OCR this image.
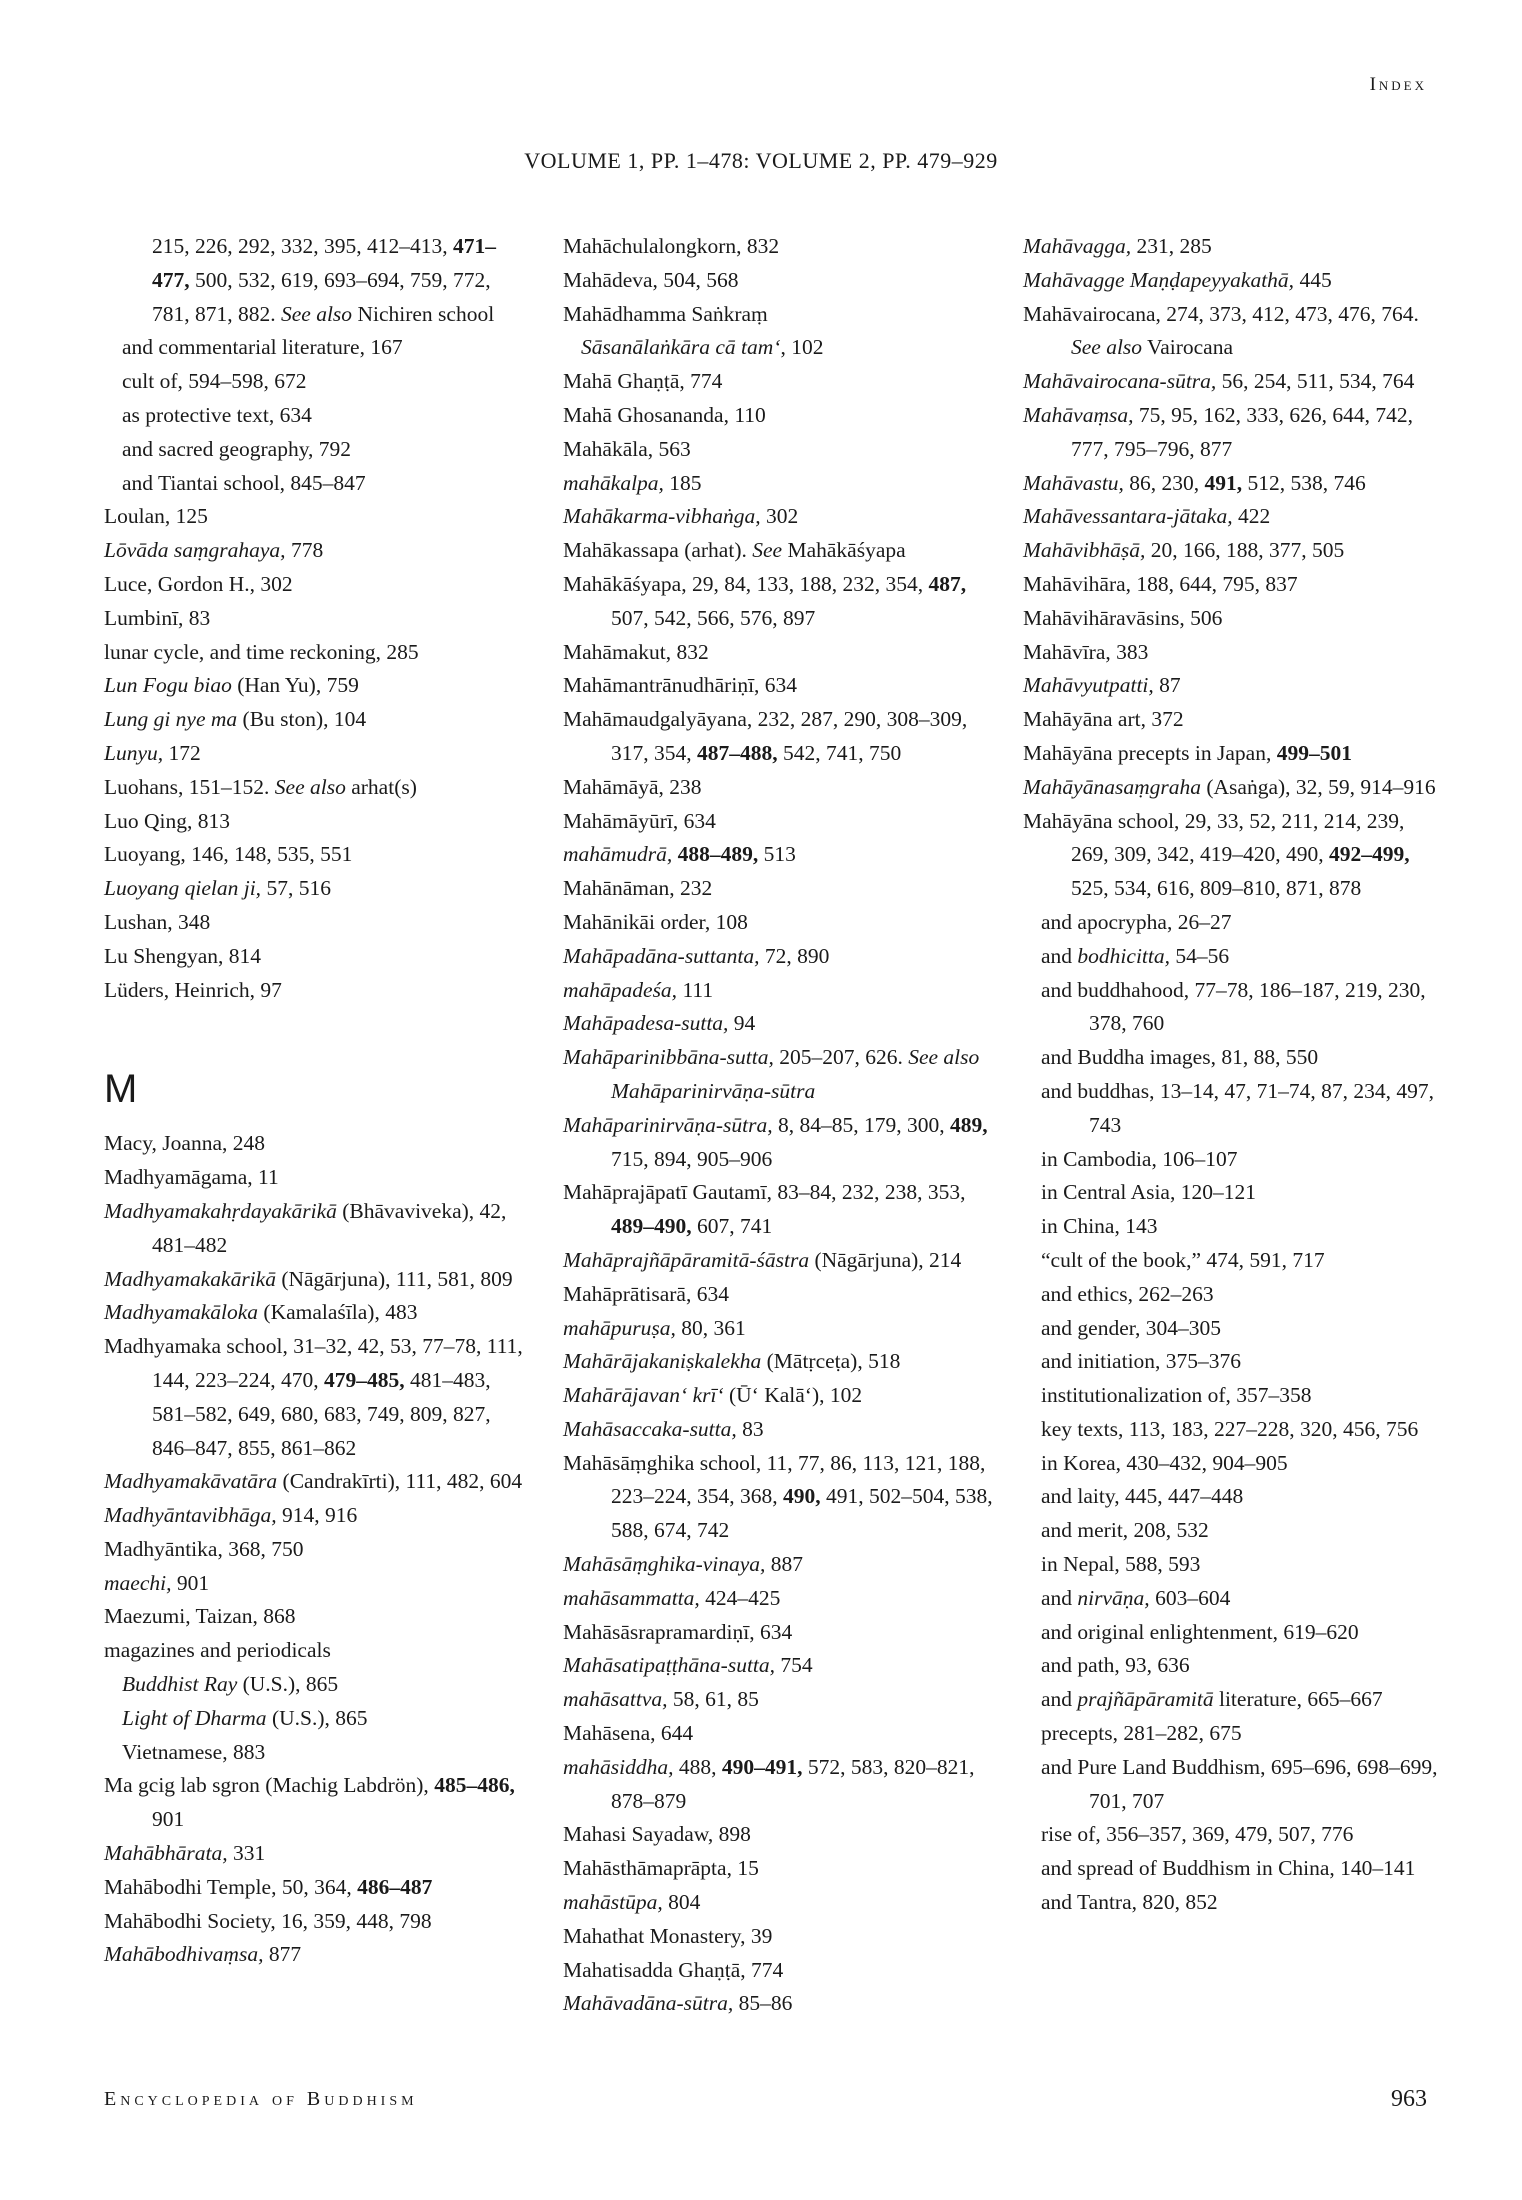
Index
VOLUME 1, PP. 1–478: VOLUME 2, PP. 479–929
215, 226, 292, 332, 395, 412–413, 471–477, 500, 532, 619, 693–694, 759, 772, 781, 871, 882. See also Nichiren school
and commentarial literature, 167
cult of, 594–598, 672
as protective text, 634
and sacred geography, 792
and Tiantai school, 845–847
Loulan, 125
Lōvāda saṃgrahaya, 778
Luce, Gordon H., 302
Lumbinī, 83
lunar cycle, and time reckoning, 285
Lun Fogu biao (Han Yu), 759
Lung gi nye ma (Bu ston), 104
Lunyu, 172
Luohans, 151–152. See also arhat(s)
Luo Qing, 813
Luoyang, 146, 148, 535, 551
Luoyang qielan ji, 57, 516
Lushan, 348
Lu Shengyan, 814
Lüders, Heinrich, 97
M
Macy, Joanna, 248
Madhyamāgama, 11
Madhyamakahṛdayakārikā (Bhāvaviveka), 42, 481–482
Madhyamakakārikā (Nāgārjuna), 111, 581, 809
Madhyamakāloka (Kamalaśīla), 483
Madhyamaka school, 31–32, 42, 53, 77–78, 111, 144, 223–224, 470, 479–485, 481–483, 581–582, 649, 680, 683, 749, 809, 827, 846–847, 855, 861–862
Madhyamakāvatāra (Candrakīrti), 111, 482, 604
Madhyāntavibhāga, 914, 916
Madhyāntika, 368, 750
maechi, 901
Maezumi, Taizan, 868
magazines and periodicals
Buddhist Ray (U.S.), 865
Light of Dharma (U.S.), 865
Vietnamese, 883
Ma gcig lab sgron (Machig Labdrön), 485–486, 901
Mahābhārata, 331
Mahābodhi Temple, 50, 364, 486–487
Mahābodhi Society, 16, 359, 448, 798
Mahābodhivaṃsa, 877
Mahāchulalongkorn, 832
Mahādeva, 504, 568
Mahādhamma Saṅkraṃ
Sāsanālaṅkāra cā tamʻ, 102
Mahā Ghaṇṭā, 774
Mahā Ghosananda, 110
Mahākāla, 563
mahākalpa, 185
Mahākarma-vibhaṅga, 302
Mahākassapa (arhat). See Mahākāśyapa
Mahākāśyapa, 29, 84, 133, 188, 232, 354, 487, 507, 542, 566, 576, 897
Mahāmakut, 832
Mahāmantrānudhāriṇī, 634
Mahāmaudgalyāyana, 232, 287, 290, 308–309, 317, 354, 487–488, 542, 741, 750
Mahāmāyā, 238
Mahāmāyūrī, 634
mahāmudrā, 488–489, 513
Mahānāman, 232
Mahānikāi order, 108
Mahāpadāna-suttanta, 72, 890
mahāpadeśa, 111
Mahāpadesa-sutta, 94
Mahāparinibbāna-sutta, 205–207, 626. See also Mahāparinirvāṇa-sūtra
Mahāparinirvāṇa-sūtra, 8, 84–85, 179, 300, 489, 715, 894, 905–906
Mahāprajāpatī Gautamī, 83–84, 232, 238, 353, 489–490, 607, 741
Mahāprajñāpāramitā-śāstra (Nāgārjuna), 214
Mahāprātisarā, 634
mahāpuruṣa, 80, 361
Mahārājakaniṣkalekha (Mātṛceṭa), 518
Mahārājavanʻ krīʻ (Ūʻ Kalāʻ), 102
Mahāsaccaka-sutta, 83
Mahāsāṃghika school, 11, 77, 86, 113, 121, 188, 223–224, 354, 368, 490, 491, 502–504, 538, 588, 674, 742
Mahāsāṃghika-vinaya, 887
mahāsammatta, 424–425
Mahāsāsrapramardiṇī, 634
Mahāsatipaṭṭhāna-sutta, 754
mahāsattva, 58, 61, 85
Mahāsena, 644
mahāsiddha, 488, 490–491, 572, 583, 820–821, 878–879
Mahasi Sayadaw, 898
Mahāsthāmaprāpta, 15
mahāstūpa, 804
Mahathat Monastery, 39
Mahatisadda Ghaṇṭā, 774
Mahāvadāna-sūtra, 85–86
Mahāvagga, 231, 285
Mahāvagge Maṇḍapeyyakathā, 445
Mahāvairocana, 274, 373, 412, 473, 476, 764. See also Vairocana
Mahāvairocana-sūtra, 56, 254, 511, 534, 764
Mahāvaṃsa, 75, 95, 162, 333, 626, 644, 742, 777, 795–796, 877
Mahāvastu, 86, 230, 491, 512, 538, 746
Mahāvessantara-jātaka, 422
Mahāvibhāṣā, 20, 166, 188, 377, 505
Mahāvihāra, 188, 644, 795, 837
Mahāvihāravāsins, 506
Mahāvīra, 383
Mahāvyutpatti, 87
Mahāyāna art, 372
Mahāyāna precepts in Japan, 499–501
Mahāyānasaṃgraha (Asaṅga), 32, 59, 914–916
Mahāyāna school, 29, 33, 52, 211, 214, 239, 269, 309, 342, 419–420, 490, 492–499, 525, 534, 616, 809–810, 871, 878
and apocrypha, 26–27
and bodhicitta, 54–56
and buddhahood, 77–78, 186–187, 219, 230, 378, 760
and Buddha images, 81, 88, 550
and buddhas, 13–14, 47, 71–74, 87, 234, 497, 743
in Cambodia, 106–107
in Central Asia, 120–121
in China, 143
“cult of the book,” 474, 591, 717
and ethics, 262–263
and gender, 304–305
and initiation, 375–376
institutionalization of, 357–358
key texts, 113, 183, 227–228, 320, 456, 756
in Korea, 430–432, 904–905
and laity, 445, 447–448
and merit, 208, 532
in Nepal, 588, 593
and nirvāṇa, 603–604
and original enlightenment, 619–620
and path, 93, 636
and prajñāpāramitā literature, 665–667
precepts, 281–282, 675
and Pure Land Buddhism, 695–696, 698–699, 701, 707
rise of, 356–357, 369, 479, 507, 776
and spread of Buddhism in China, 140–141
and Tantra, 820, 852
Encyclopedia of Buddhism	963
